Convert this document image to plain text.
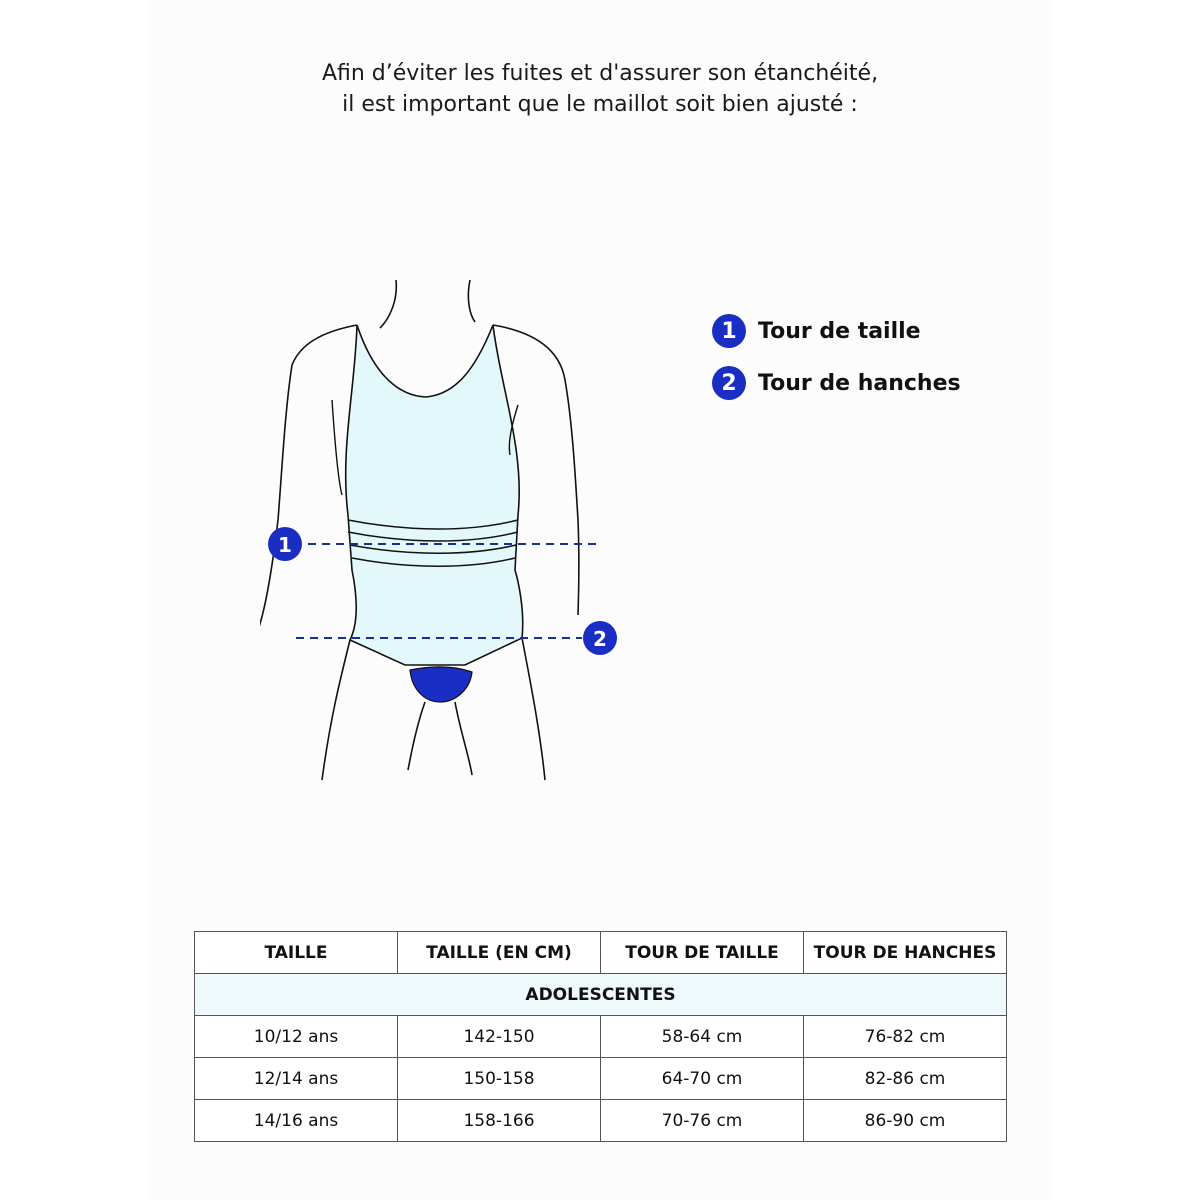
Afin d’éviter les fuites et d'assurer son étanchéité,
il est important que le maillot soit bien ajusté :
1
2
1 Tour de taille
2 Tour de hanches
TAILLE	TAILLE (EN CM)	TOUR DE TAILLE	TOUR DE HANCHES
ADOLESCENTES			
10/12 ans	142-150	58-64 cm	76-82 cm
12/14 ans	150-158	64-70 cm	82-86 cm
14/16 ans	158-166	70-76 cm	86-90 cm
